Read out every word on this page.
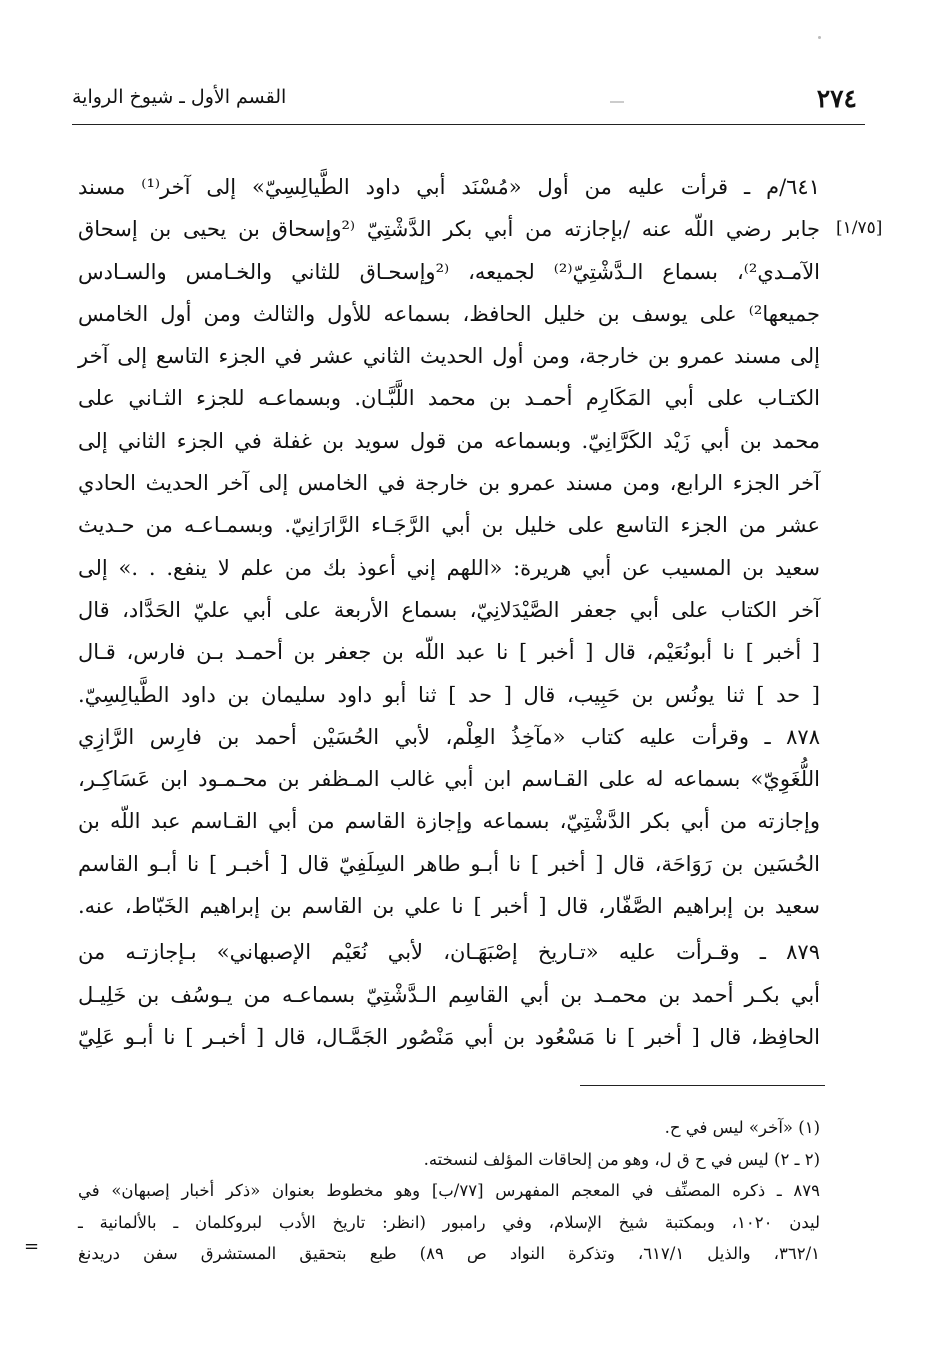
٢٧٤
القسم الأول ـ شيوخ الرواية
[١/٧٥]

٦٤١/م ـ قرأت عليه من أول «مُسْنَد أبي داود الطَّيالِسِيّ» إلى آخر⁽¹⁾ مسند

جابر رضي اللّه عنه /بإجازته من أبي بكر الدَّشْتِيّ ⁽²وإسحاق بن يحيى بن إسحاق

الآمـدي²⁾، بسماع الـدَّشْتِيّ⁽²⁾ لجميعه، ⁽²وإسحـاق للثاني والخـامس والسـادس

جميعها²⁾ على يوسف بن خليل الحافظ، بسماعه للأول والثالث ومن أول الخامس

إلى مسند عمرو بن خارجة، ومن أول الحديث الثاني عشر في الجزء التاسع إلى آخر

الكتـاب على أبي المَكَارِم أحمـد بن محمد اللَّبَّـان. وبسماعـه للجزء الثـاني على

محمد بن أبي زَيْد الكَرَّانِيّ. وبسماعه من قول سويد بن غفلة في الجزء الثاني إلى

آخر الجزء الرابع، ومن مسند عمرو بن خارجة في الخامس إلى آخر الحديث الحادي

عشر من الجزء التاسع على خليل بن أبي الرَّجَـاء الرَّارَانِيّ. وبسمـاعـه من حـديث

سعيد بن المسيب عن أبي هريرة: «اللهم إني أعوذ بك من علم لا ينفع. . .» إلى

آخر الكتاب على أبي جعفر الصَّيْدَلانِيّ، بسماع الأربعة على أبي عليّ الحَدَّاد، قال

[ أخبر ] نا أبونُعَيْم، قال [ أخبر ] نا عبد اللّه بن جعفر بن أحمـد بـن فارس، قـال

[ حد ] ثنا يونُس بن حَبِيب، قال [ حد ] ثنا أبو داود سليمان بن داود الطَّيالِسِيّ.

٨٧٨ ـ وقرأت عليه كتاب «مآخِذُ العِلْم، لأبي الحُسَيْن أحمد بن فارِس الرَّازِي

اللُّغَوِيّ» بسماعه له على القـاسم ابن أبي غالب المـظفر بن محـمـود ابن عَسَاكِـر،

وإجازته من أبي بكر الدَّشْتِيّ، بسماعه وإجازة القاسم من أبي القـاسم عبد اللّه بن

الحُسَين بن رَوَاحَة، قال [ أخبر ] نا أبـو طاهر السِلَفِيّ قال [ أخبـر ] نا أبـو القاسم

سعيد بن إبراهيم الصَّفّار، قال [ أخبر ] نا علي بن القاسم بن إبراهيم الخَبّاط، عنه.

٨٧٩ ـ وقـرأت عليه «تـاريخ إصْبَهَـان، لأبي نُعَيْم الإصبهاني» بـإجازتـه من

أبي بكـر أحمد بن محمـد بن أبي القاسِم الـدَّشْتِيّ بسماعـه من يـوسُف بن خَلِيـل

الحافِظ، قال [ أخبر ] نا مَسْعُود بن أبي مَنْصُور الجَمَّـال، قال [ أخبـر ] نا أبـو عَلِيّ

(١) «آخر» ليس في ح.

(٢ ـ ٢) ليس في ح ق ل، وهو من إلحاقات المؤلف لنسخته.

٨٧٩ ـ ذكره المصنِّف في المعجم المفهرس [٧٧/ب] وهو مخطوط بعنوان «ذكر أخبار إصبهان» في

ليدن ١٠٢٠، وبمكتبة شيخ الإسلام، وفي رامبور (انظر: تاريخ الأدب لبروكلمان ـ بالألمانية ـ

٣٦٢/١، والذيل ٦١٧/١، وتذكرة النواد ص ٨٩) طبع بتحقيق المستشرق سفن دريدنغ

=
